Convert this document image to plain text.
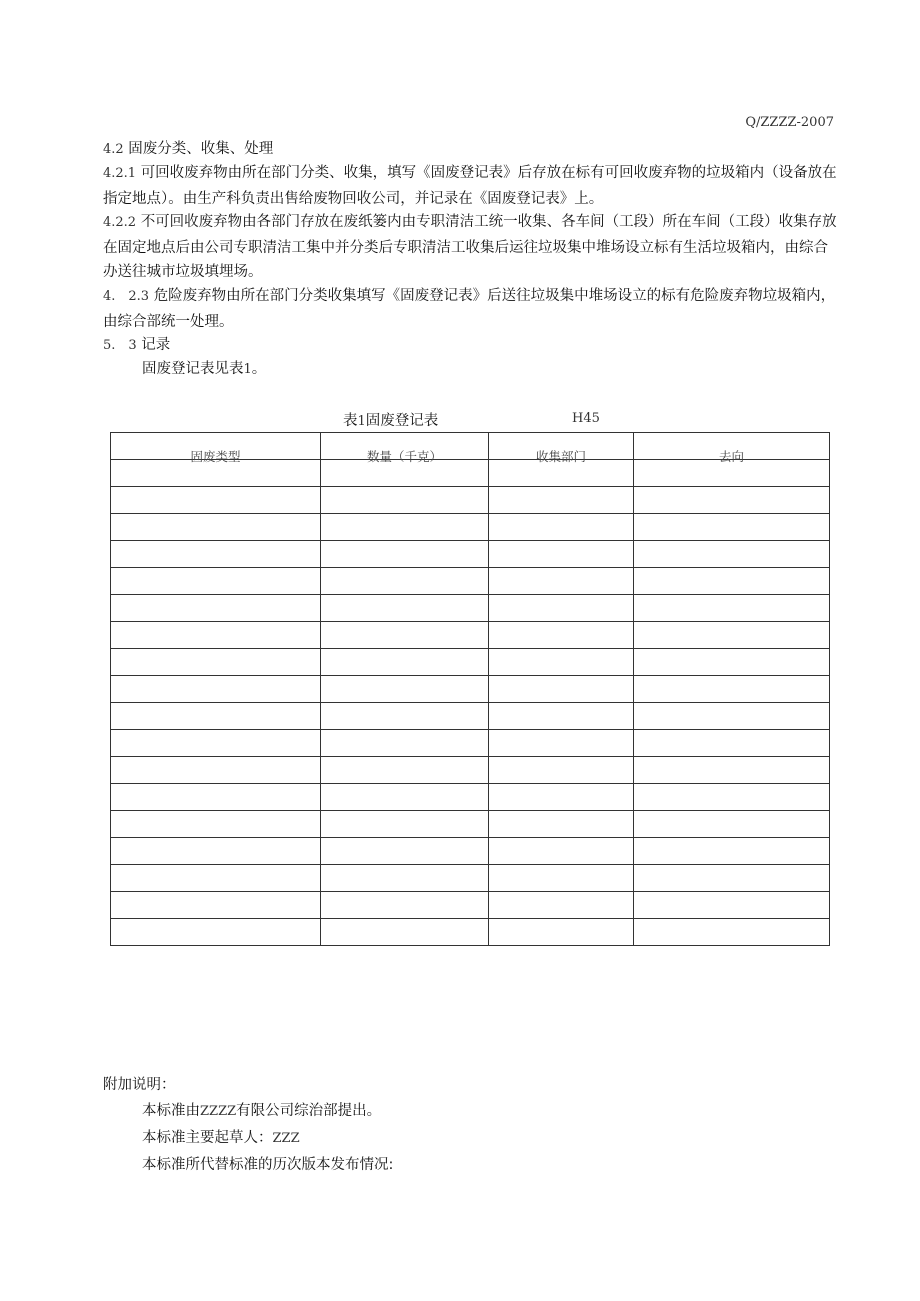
Q/ZZZZ-2007
4.2 固废分类、收集、处理
4.2.1 可回收废弃物由所在部门分类、收集，填写《固废登记表》后存放在标有可回收废弃物的垃圾箱内（设备放在指定地点）。由生产科负责出售给废物回收公司，并记录在《固废登记表》上。
4.2.2 不可回收废弃物由各部门存放在废纸篓内由专职清洁工统一收集、各车间（工段）所在车间（工段）收集存放在固定地点后由公司专职清洁工集中并分类后专职清洁工收集后运往垃圾集中堆场设立标有生活垃圾箱内，由综合办送往城市垃圾填埋场。
4.　2.3 危险废弃物由所在部门分类收集填写《固废登记表》后送往垃圾集中堆场设立的标有危险废弃物垃圾箱内，由综合部统一处理。
5.　3 记录
固废登记表见表1。
表1固废登记表	H45
固废类型	数量（千克）	收集部门	去向

附加说明：
本标准由ZZZZ有限公司综治部提出。
本标准主要起草人：ZZZ
本标准所代替标准的历次版本发布情况:
